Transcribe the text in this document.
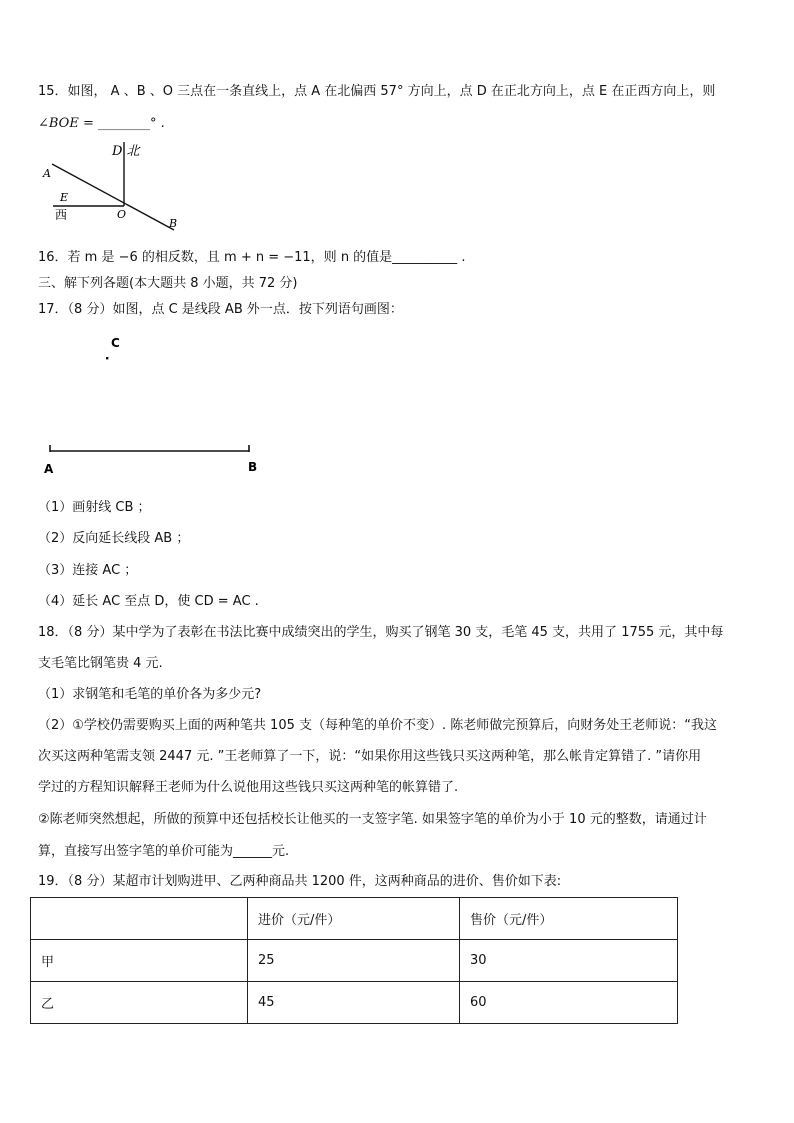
15．如图， A 、B 、O 三点在一条直线上，点 A 在北偏西 57° 方向上，点 D 在正北方向上，点 E 在正西方向上，则
∠BOE = ________° .
D 北
A
E
西	O
B
16．若 m 是 −6 的相反数，且 m + n = −11，则 n 的值是__________ .
三、解下列各题(本大题共 8 小题，共 72 分)
17．（8 分）如图，点 C 是线段 AB 外一点．按下列语句画图：
C
A	B
（1）画射线 CB ；
（2）反向延长线段 AB ；
（3）连接 AC ；
（4）延长 AC 至点 D，使 CD = AC .
18．（8 分）某中学为了表彰在书法比赛中成绩突出的学生，购买了钢笔 30 支，毛笔 45 支，共用了 1755 元，其中每
支毛笔比钢笔贵 4 元.
（1）求钢笔和毛笔的单价各为多少元?
（2）①学校仍需要购买上面的两种笔共 105 支（每种笔的单价不变）. 陈老师做完预算后，向财务处王老师说：“我这
次买这两种笔需支领 2447 元. ”王老师算了一下，说：“如果你用这些钱只买这两种笔，那么帐肯定算错了. ”请你用
学过的方程知识解释王老师为什么说他用这些钱只买这两种笔的帐算错了.
②陈老师突然想起，所做的预算中还包括校长让他买的一支签字笔. 如果签字笔的单价为小于 10 元的整数，请通过计
算，直接写出签字笔的单价可能为______元.
19．（8 分）某超市计划购进甲、乙两种商品共 1200 件，这两种商品的进价、售价如下表:
	进价（元/件）	售价（元/件）
甲	25	30
乙	45	60
